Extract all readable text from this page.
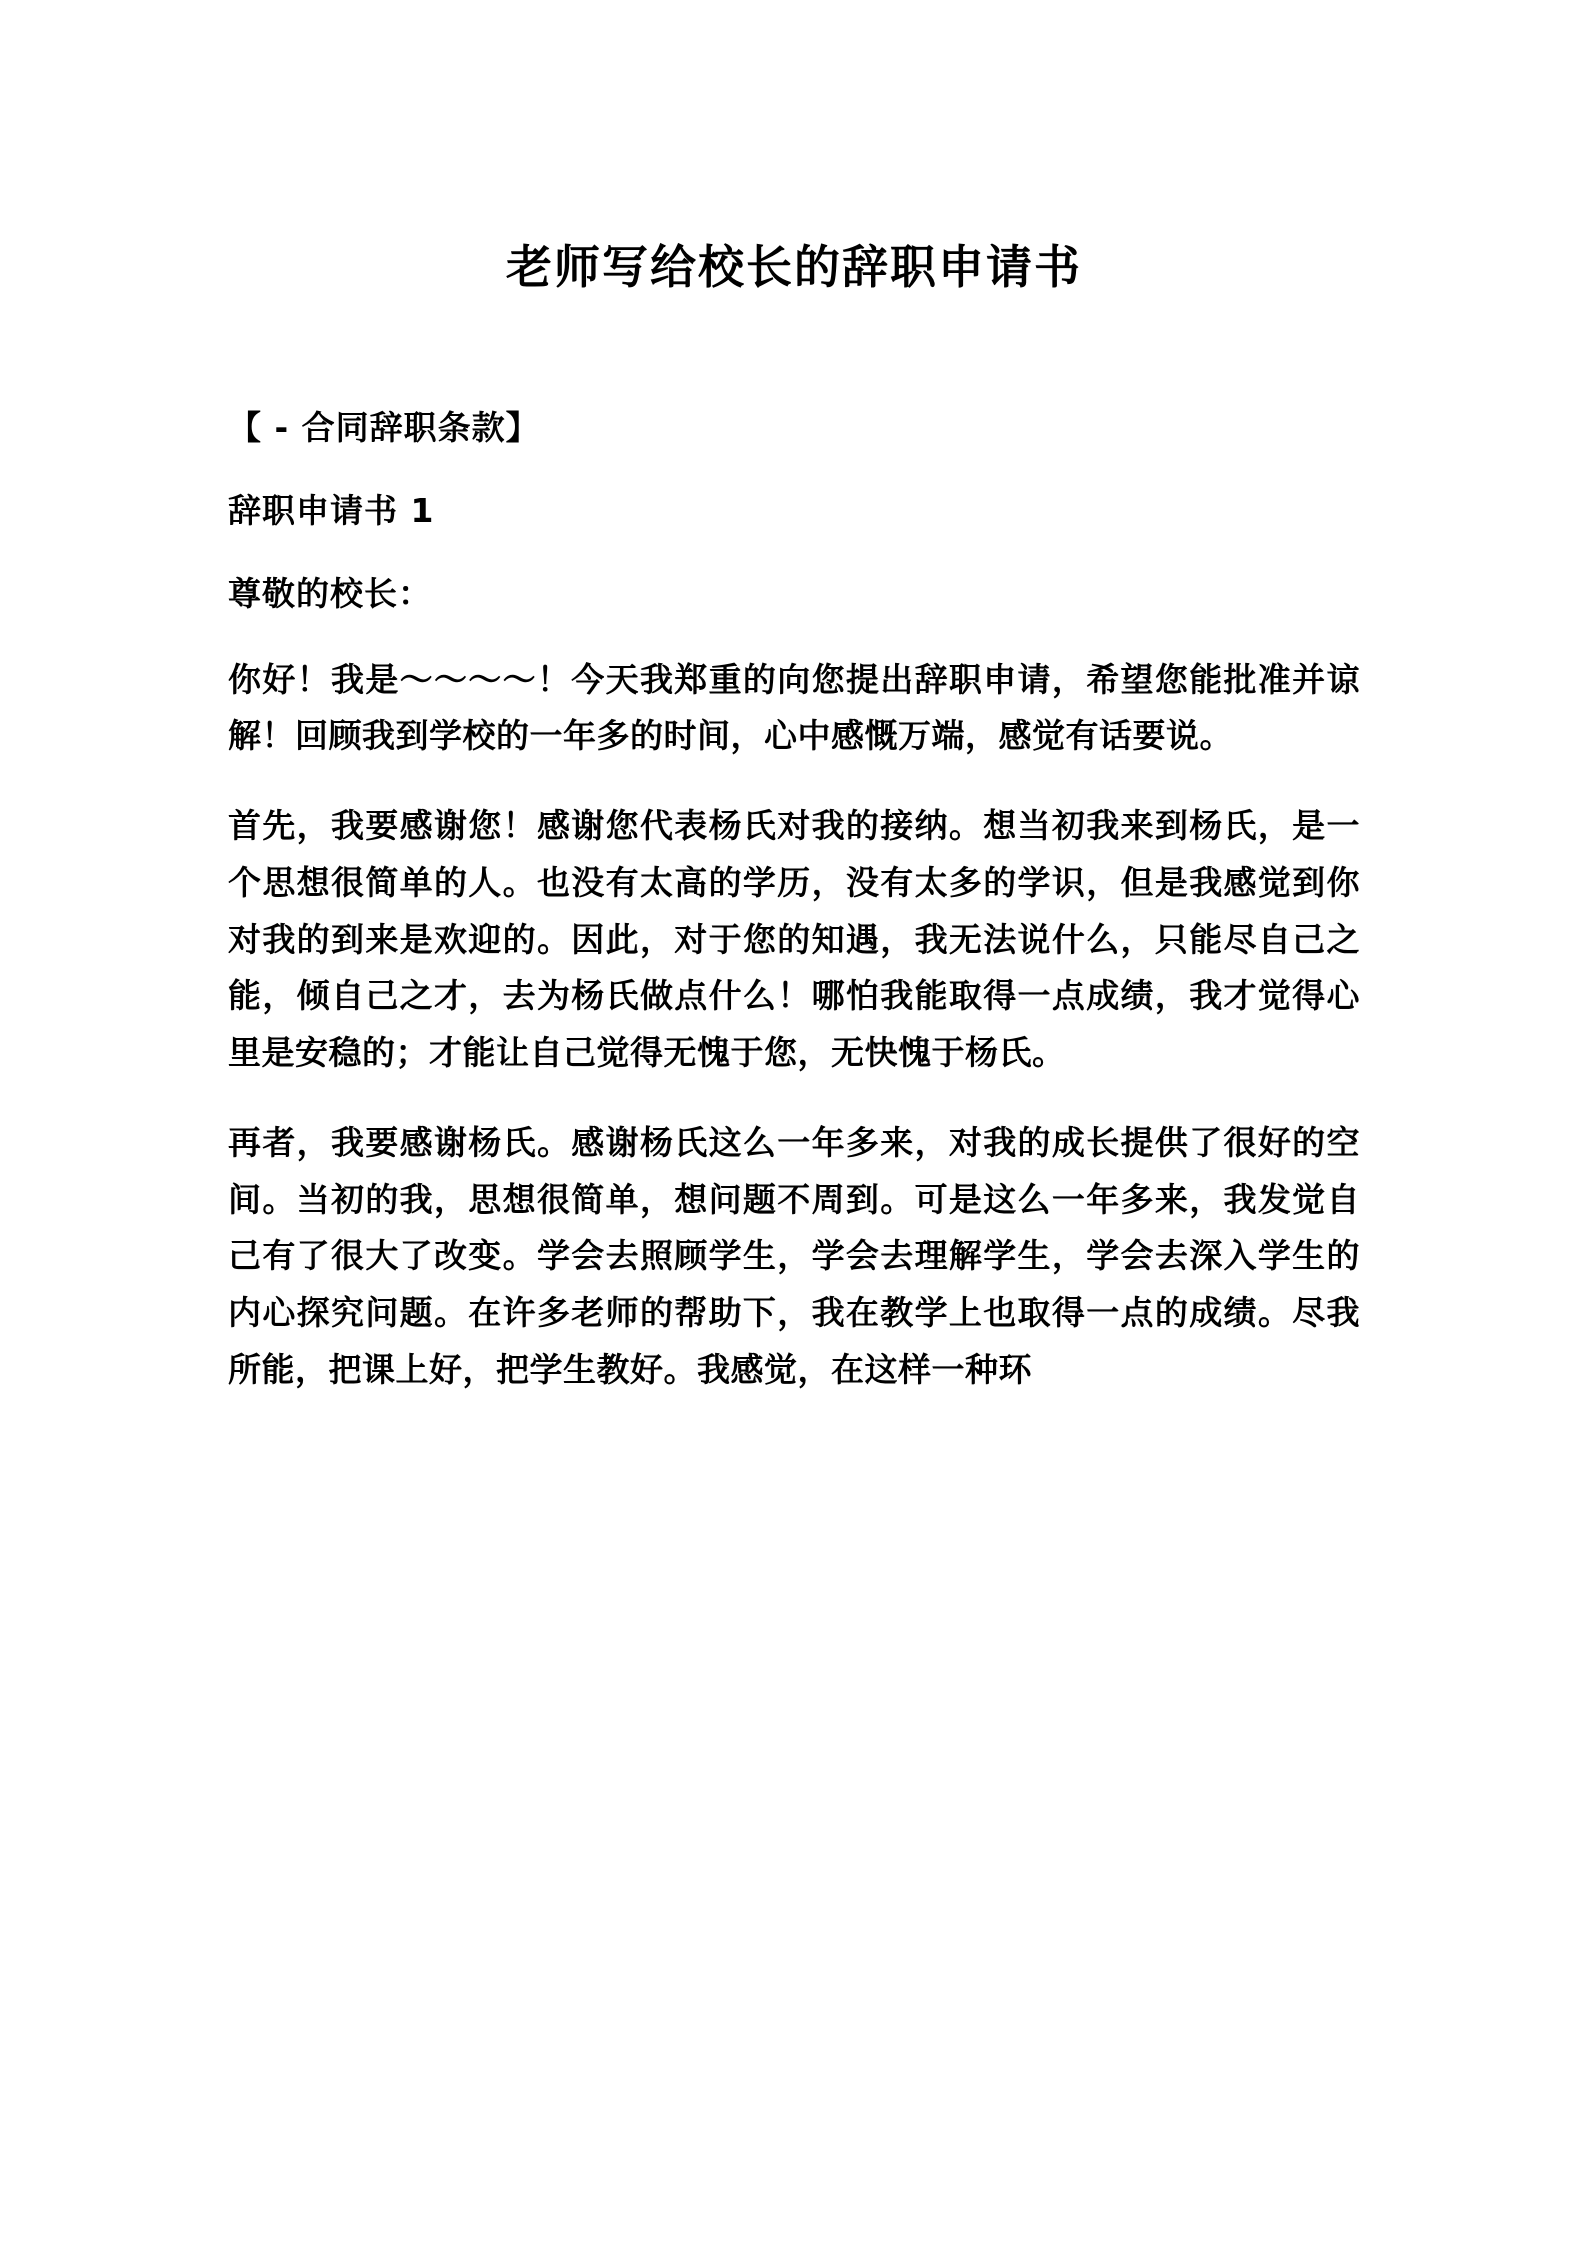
老师写给校长的辞职申请书

【 - 合同辞职条款】

辞职申请书 1

尊敬的校长：

你好！我是～～～～！今天我郑重的向您提出辞职申请，希望您能批准并谅解！回顾我到学校的一年多的时间，心中感慨万端，感觉有话要说。

首先，我要感谢您！感谢您代表杨氏对我的接纳。想当初我来到杨氏，是一个思想很简单的人。也没有太高的学历，没有太多的学识，但是我感觉到你对我的到来是欢迎的。因此，对于您的知遇，我无法说什么，只能尽自己之能，倾自己之才，去为杨氏做点什么！哪怕我能取得一点成绩，我才觉得心里是安稳的；才能让自己觉得无愧于您，无快愧于杨氏。

再者，我要感谢杨氏。感谢杨氏这么一年多来，对我的成长提供了很好的空间。当初的我，思想很简单，想问题不周到。可是这么一年多来，我发觉自己有了很大了改变。学会去照顾学生，学会去理解学生，学会去深入学生的内心探究问题。在许多老师的帮助下，我在教学上也取得一点的成绩。尽我所能，把课上好，把学生教好。我感觉，在这样一种环
